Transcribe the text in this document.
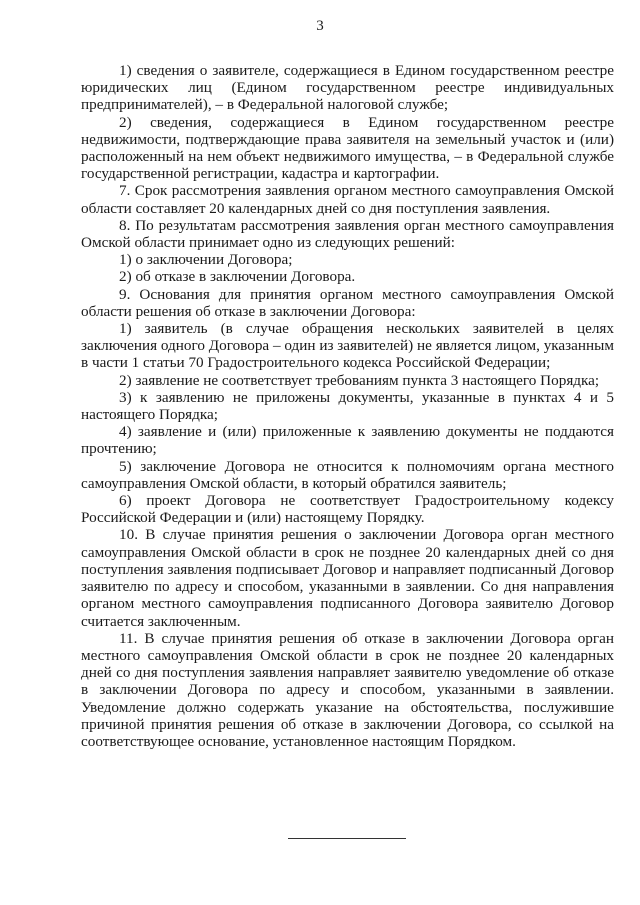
3

1) сведения о заявителе, содержащиеся в Едином государственном реестре юридических лиц (Едином государственном реестре индивидуальных предпринимателей), – в Федеральной налоговой службе;

2) сведения, содержащиеся в Едином государственном реестре недвижимости, подтверждающие права заявителя на земельный участок и (или) расположенный на нем объект недвижимого имущества, – в Федеральной службе государственной регистрации, кадастра и картографии.

7. Срок рассмотрения заявления органом местного самоуправления Омской области составляет 20 календарных дней со дня поступления заявления.

8. По результатам рассмотрения заявления орган местного самоуправления Омской области принимает одно из следующих решений:

1) о заключении Договора;

2) об отказе в заключении Договора.

9. Основания для принятия органом местного самоуправления Омской области решения об отказе в заключении Договора:

1) заявитель (в случае обращения нескольких заявителей в целях заключения одного Договора – один из заявителей) не является лицом, указанным в части 1 статьи 70 Градостроительного кодекса Российской Федерации;

2) заявление не соответствует требованиям пункта 3 настоящего Порядка;

3) к заявлению не приложены документы, указанные в пунктах 4 и 5 настоящего Порядка;

4) заявление и (или) приложенные к заявлению документы не поддаются прочтению;

5) заключение Договора не относится к полномочиям органа местного самоуправления Омской области, в который обратился заявитель;

6) проект Договора не соответствует Градостроительному кодексу Российской Федерации и (или) настоящему Порядку.

10. В случае принятия решения о заключении Договора орган местного самоуправления Омской области в срок не позднее 20 календарных дней со дня поступления заявления подписывает Договор и направляет подписанный Договор заявителю по адресу и способом, указанными в заявлении. Со дня направления органом местного самоуправления подписанного Договора заявителю Договор считается заключенным.

11. В случае принятия решения об отказе в заключении Договора орган местного самоуправления Омской области в срок не позднее 20 календарных дней со дня поступления заявления направляет заявителю уведомление об отказе в заключении Договора по адресу и способом, указанными в заявлении. Уведомление должно содержать указание на обстоятельства, послужившие причиной принятия решения об отказе в заключении Договора, со ссылкой на соответствующее основание, установленное настоящим Порядком.
